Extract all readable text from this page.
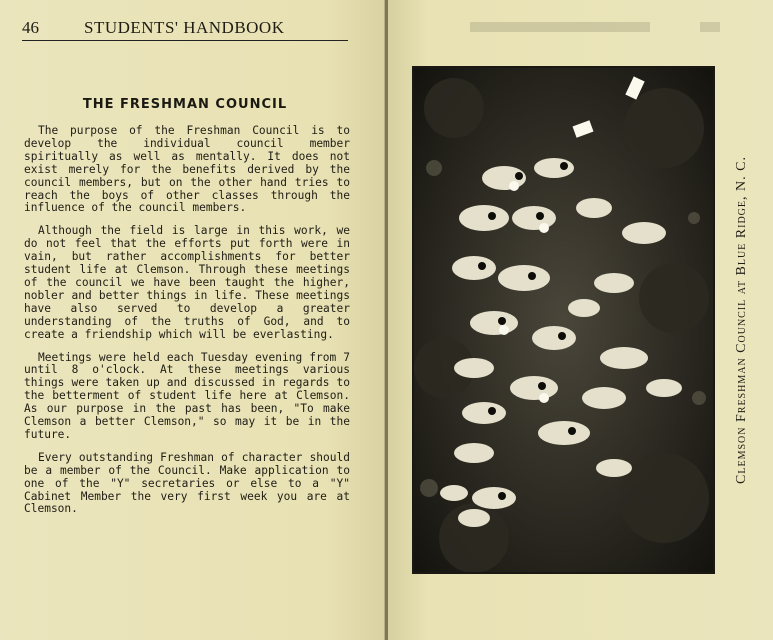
46	STUDENTS' HANDBOOK
THE FRESHMAN COUNCIL

The purpose of the Freshman Council is to develop the individual council member spiritually as well as mentally. It does not exist merely for the benefits derived by the council members, but on the other hand tries to reach the boys of other classes through the influence of the council members.

Although the field is large in this work, we do not feel that the efforts put forth were in vain, but rather accomplishments for better student life at Clemson. Through these meetings of the council we have been taught the higher, nobler and better things in life. These meetings have also served to develop a greater understanding of the truths of God, and to create a friendship which will be everlasting.

Meetings were held each Tuesday evening from 7 until 8 o'clock. At these meetings various things were taken up and discussed in regards to the betterment of student life here at Clemson. As our purpose in the past has been, "To make Clemson a better Clemson," so may it be in the future.

Every outstanding Freshman of character should be a member of the Council. Make application to one of the "Y" secretaries or else to a "Y" Cabinet Member the very first week you are at Clemson.

Clemson Freshman Council at Blue Ridge, N. C.
